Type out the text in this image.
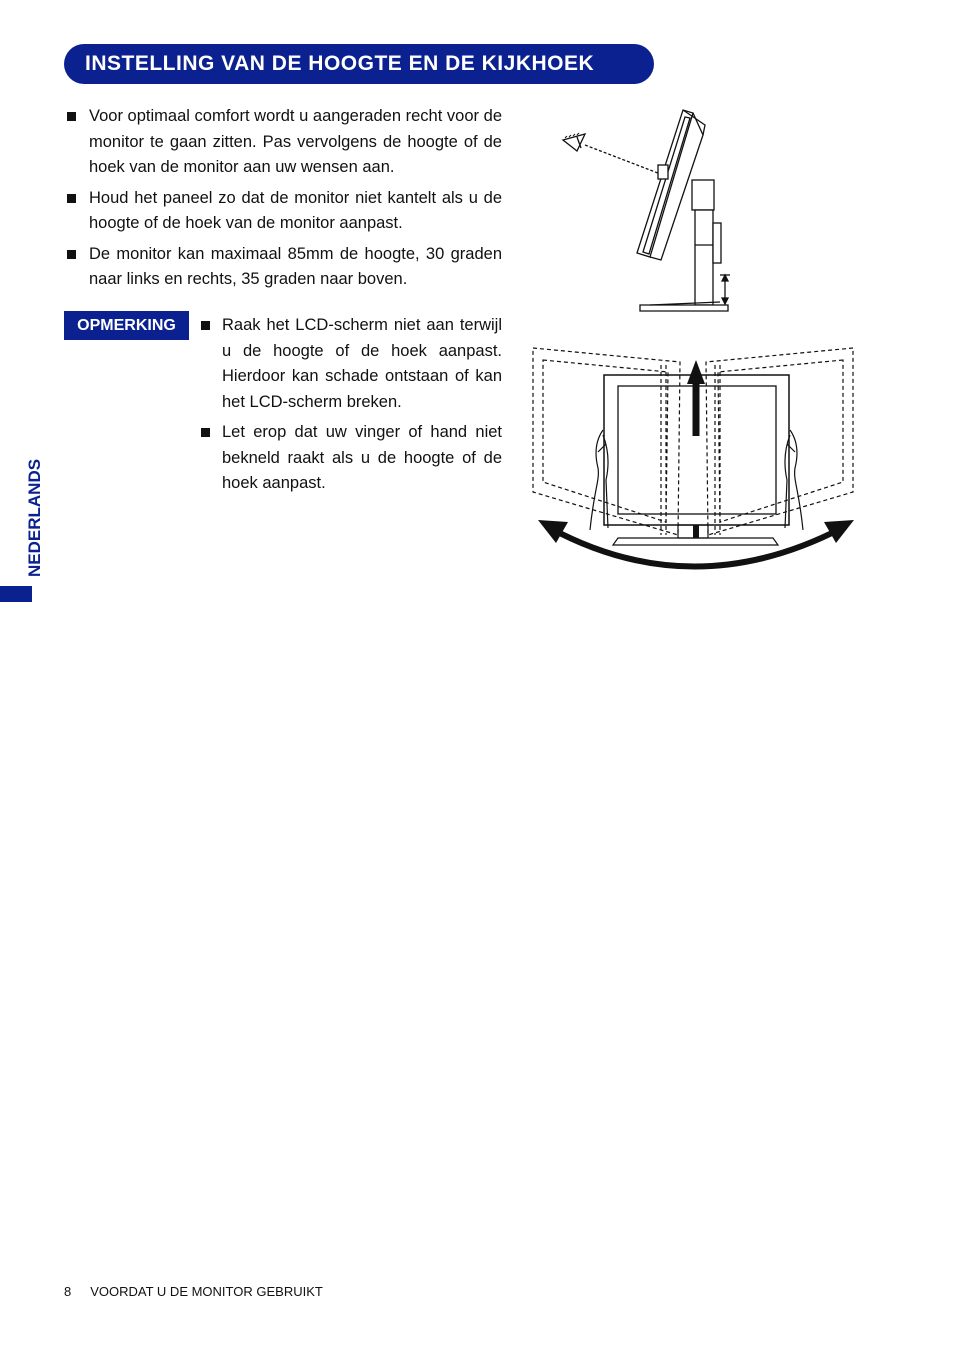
INSTELLING VAN DE HOOGTE EN DE KIJKHOEK
Voor optimaal comfort wordt u aangeraden recht voor de monitor te gaan zitten. Pas vervolgens de hoogte of de hoek van de monitor aan uw wensen aan.
Houd het paneel zo dat de monitor niet kantelt als u de hoogte of de hoek van de monitor aanpast.
De monitor kan maximaal 85mm de hoogte, 30 graden naar links en rechts, 35 graden naar boven.
OPMERKING	Raak het LCD-scherm niet aan terwijl u de hoogte of de hoek aanpast. Hierdoor kan schade ontstaan of kan het LCD-scherm breken.
Let erop dat uw vinger of hand niet bekneld raakt als u de hoogte of de hoek aanpast.
NEDERLANDS
8 VOORDAT U DE MONITOR GEBRUIKT
